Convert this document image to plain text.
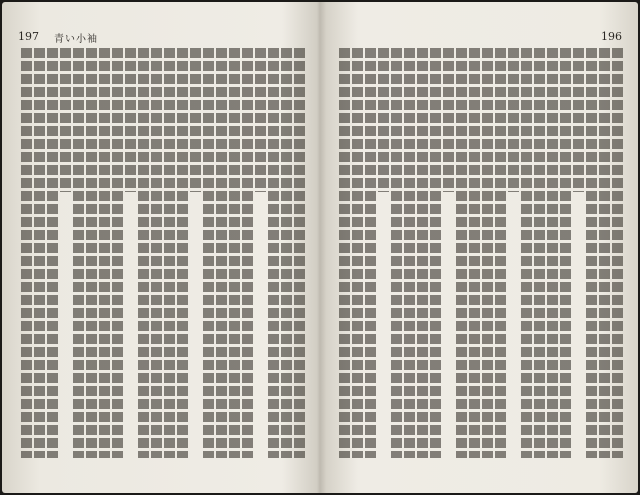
197 青い小袖	196
